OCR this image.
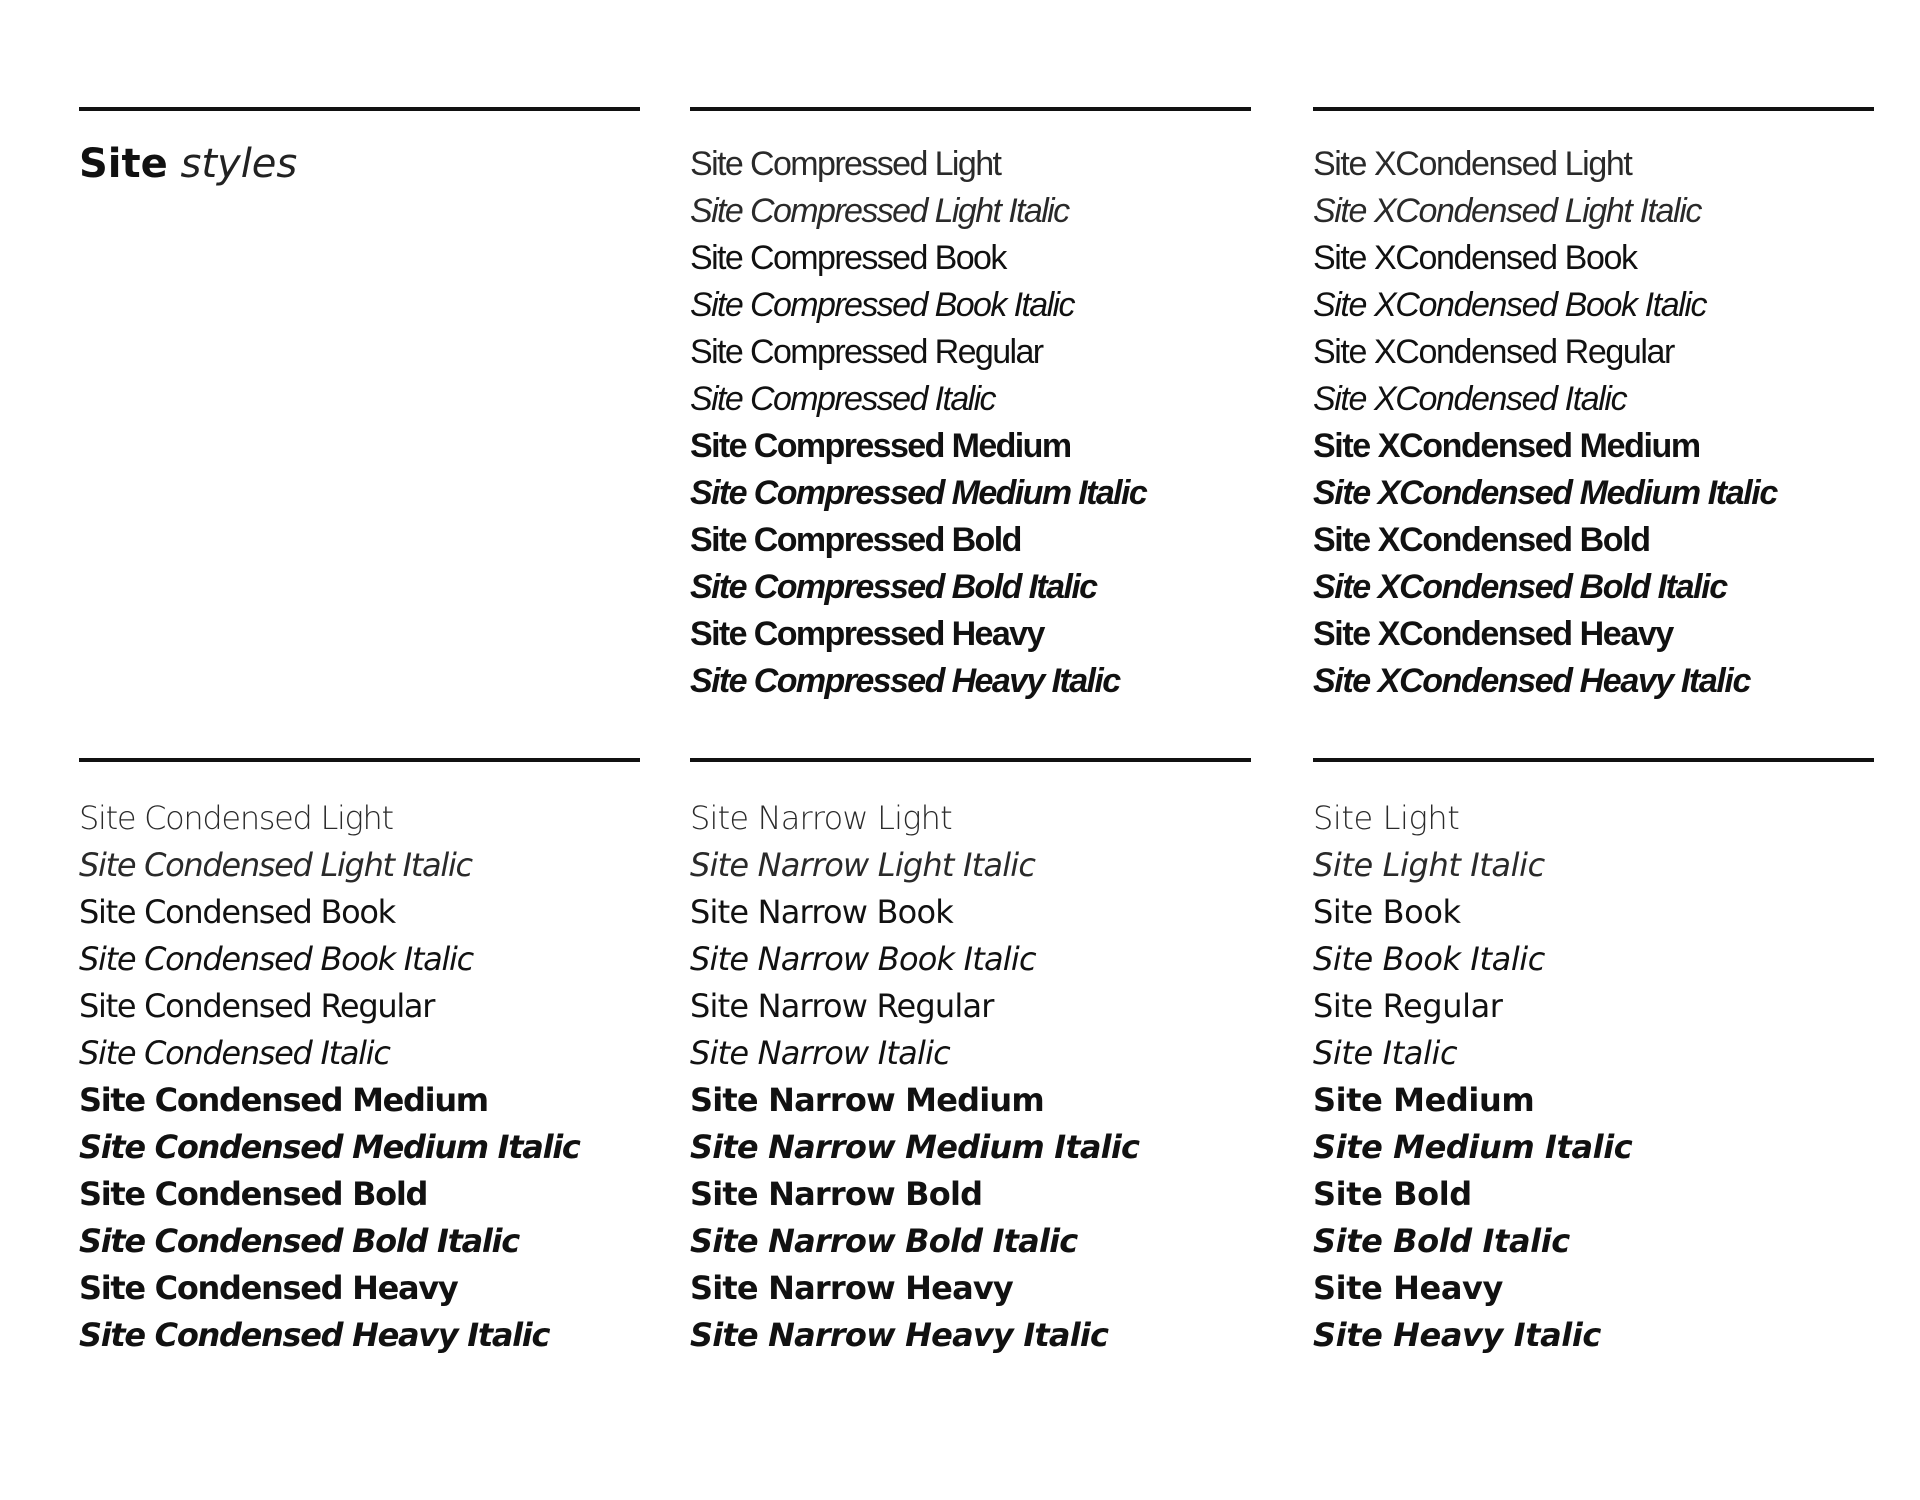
Site styles	Site Compressed Light
Site Compressed Light Italic
Site Compressed Book
Site Compressed Book Italic
Site Compressed Regular
Site Compressed Italic
Site Compressed Medium
Site Compressed Medium Italic
Site Compressed Bold
Site Compressed Bold Italic
Site Compressed Heavy
Site Compressed Heavy Italic
Site XCondensed Light
Site XCondensed Light Italic
Site XCondensed Book
Site XCondensed Book Italic
Site XCondensed Regular
Site XCondensed Italic
Site XCondensed Medium
Site XCondensed Medium Italic
Site XCondensed Bold
Site XCondensed Bold Italic
Site XCondensed Heavy
Site XCondensed Heavy Italic
Site Condensed Light
Site Condensed Light Italic
Site Condensed Book
Site Condensed Book Italic
Site Condensed Regular
Site Condensed Italic
Site Condensed Medium
Site Condensed Medium Italic
Site Condensed Bold
Site Condensed Bold Italic
Site Condensed Heavy
Site Condensed Heavy Italic
Site Narrow Light
Site Narrow Light Italic
Site Narrow Book
Site Narrow Book Italic
Site Narrow Regular
Site Narrow Italic
Site Narrow Medium
Site Narrow Medium Italic
Site Narrow Bold
Site Narrow Bold Italic
Site Narrow Heavy
Site Narrow Heavy Italic
Site Light
Site Light Italic
Site Book
Site Book Italic
Site Regular
Site Italic
Site Medium
Site Medium Italic
Site Bold
Site Bold Italic
Site Heavy
Site Heavy Italic
